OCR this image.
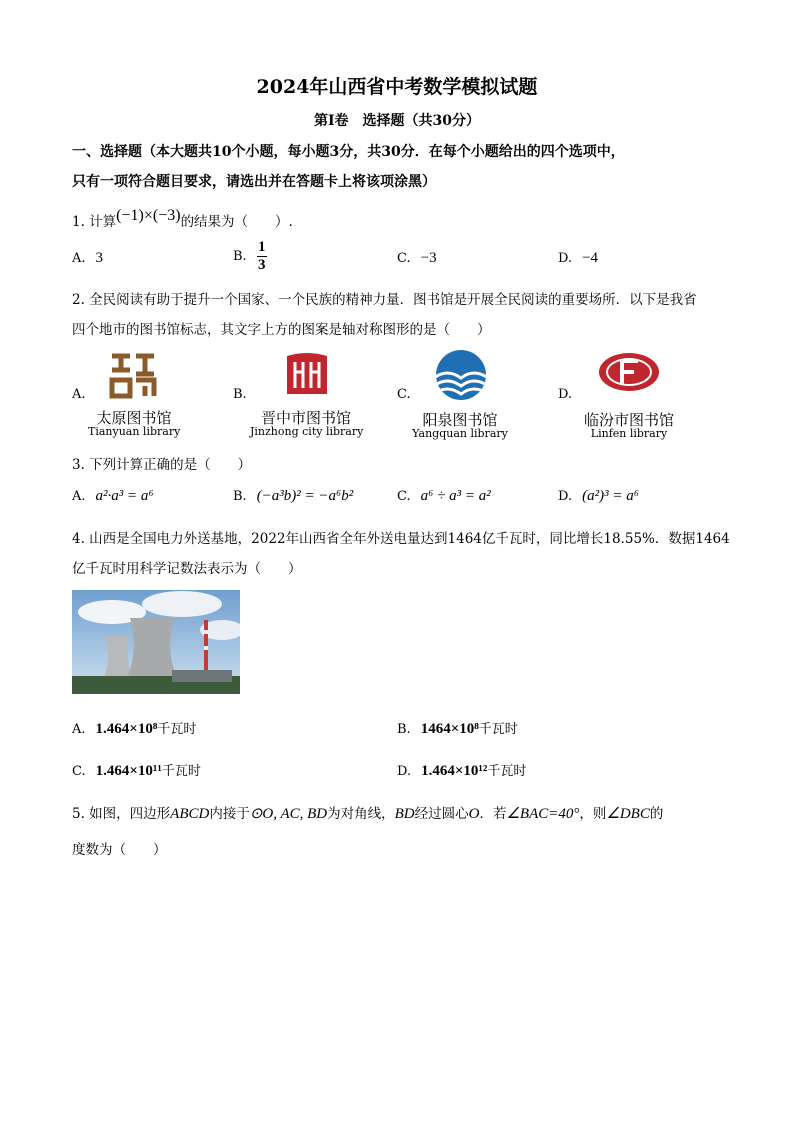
2024年山西省中考数学模拟试题
第Ⅰ卷　选择题（共30分）
一、选择题（本大题共10个小题，每小题3分，共30分．在每个小题给出的四个选项中，
只有一项符合题目要求，请选出并在答题卡上将该项涂黑）
1. 计算(−1)×(−3)的结果为（　　）.
A. 3	B. $\frac{1}{3}$	C. −3	D. −4
2. 全民阅读有助于提升一个国家、一个民族的精神力量．图书馆是开展全民阅读的重要场所．以下是我省
四个地市的图书馆标志，其文字上方的图案是轴对称图形的是（　　）
A.
太原图书馆
Tianyuan library
B.
晋中市图书馆
Jinzhong city library
C.
阳泉图书馆
Yangquan library
D.
临汾市图书馆
Linfen library
3. 下列计算正确的是（　　）
A. a²·a³ = a⁶	B. (−a³b)² = −a⁶b²	C. a⁶ ÷ a³ = a²	D. (a²)³ = a⁶
4. 山西是全国电力外送基地，2022年山西省全年外送电量达到1464亿千瓦时，同比增长18.55%．数据1464
亿千瓦时用科学记数法表示为（　　）
A. 1.464×10⁸千瓦时	B. 1464×10⁸千瓦时
C. 1.464×10¹¹千瓦时	D. 1.464×10¹²千瓦时
5. 如图，四边形ABCD内接于⊙O, AC, BD为对角线，BD经过圆心O．若∠BAC=40°，则∠DBC的
度数为（　　）
